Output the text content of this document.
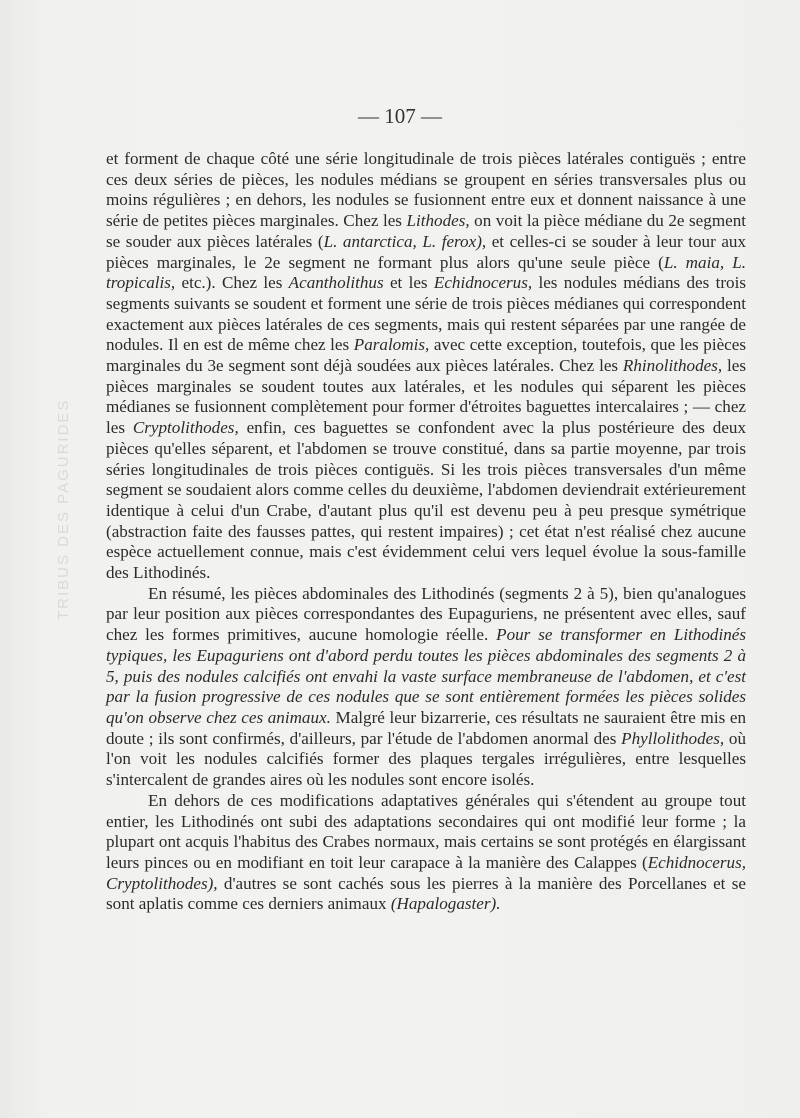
TRIBUS DES PAGURIDES
— 107 —

et forment de chaque côté une série longitudinale de trois pièces latérales contiguës ; entre ces deux séries de pièces, les nodules médians se groupent en séries transversales plus ou moins régulières ; en dehors, les nodules se fusionnent entre eux et donnent naissance à une série de petites pièces marginales. Chez les Lithodes, on voit la pièce médiane du 2e segment se souder aux pièces latérales (L. antarctica, L. ferox), et celles-ci se souder à leur tour aux pièces marginales, le 2e segment ne formant plus alors qu'une seule pièce (L. maia, L. tropicalis, etc.). Chez les Acantholithus et les Echidnocerus, les nodules médians des trois segments suivants se soudent et forment une série de trois pièces médianes qui correspondent exactement aux pièces latérales de ces segments, mais qui restent séparées par une rangée de nodules. Il en est de même chez les Paralomis, avec cette exception, toutefois, que les pièces marginales du 3e segment sont déjà soudées aux pièces latérales. Chez les Rhinolithodes, les pièces marginales se soudent toutes aux latérales, et les nodules qui séparent les pièces médianes se fusionnent complètement pour former d'étroites baguettes intercalaires ; — chez les Cryptolithodes, enfin, ces baguettes se confondent avec la plus postérieure des deux pièces qu'elles séparent, et l'abdomen se trouve constitué, dans sa partie moyenne, par trois séries longitudinales de trois pièces contiguës. Si les trois pièces transversales d'un même segment se soudaient alors comme celles du deuxième, l'abdomen deviendrait extérieurement identique à celui d'un Crabe, d'autant plus qu'il est devenu peu à peu presque symétrique (abstraction faite des fausses pattes, qui restent impaires) ; cet état n'est réalisé chez aucune espèce actuellement connue, mais c'est évidemment celui vers lequel évolue la sous-famille des Lithodinés.

En résumé, les pièces abdominales des Lithodinés (segments 2 à 5), bien qu'analogues par leur position aux pièces correspondantes des Eupaguriens, ne présentent avec elles, sauf chez les formes primitives, aucune homologie réelle. Pour se transformer en Lithodinés typiques, les Eupaguriens ont d'abord perdu toutes les pièces abdominales des segments 2 à 5, puis des nodules calcifiés ont envahi la vaste surface membraneuse de l'abdomen, et c'est par la fusion progressive de ces nodules que se sont entièrement formées les pièces solides qu'on observe chez ces animaux. Malgré leur bizarrerie, ces résultats ne sauraient être mis en doute ; ils sont confirmés, d'ailleurs, par l'étude de l'abdomen anormal des Phyllolithodes, où l'on voit les nodules calcifiés former des plaques tergales irrégulières, entre lesquelles s'intercalent de grandes aires où les nodules sont encore isolés.

En dehors de ces modifications adaptatives générales qui s'étendent au groupe tout entier, les Lithodinés ont subi des adaptations secondaires qui ont modifié leur forme ; la plupart ont acquis l'habitus des Crabes normaux, mais certains se sont protégés en élargissant leurs pinces ou en modifiant en toit leur carapace à la manière des Calappes (Echidnocerus, Cryptolithodes), d'autres se sont cachés sous les pierres à la manière des Porcellanes et se sont aplatis comme ces derniers animaux (Hapalogaster).
